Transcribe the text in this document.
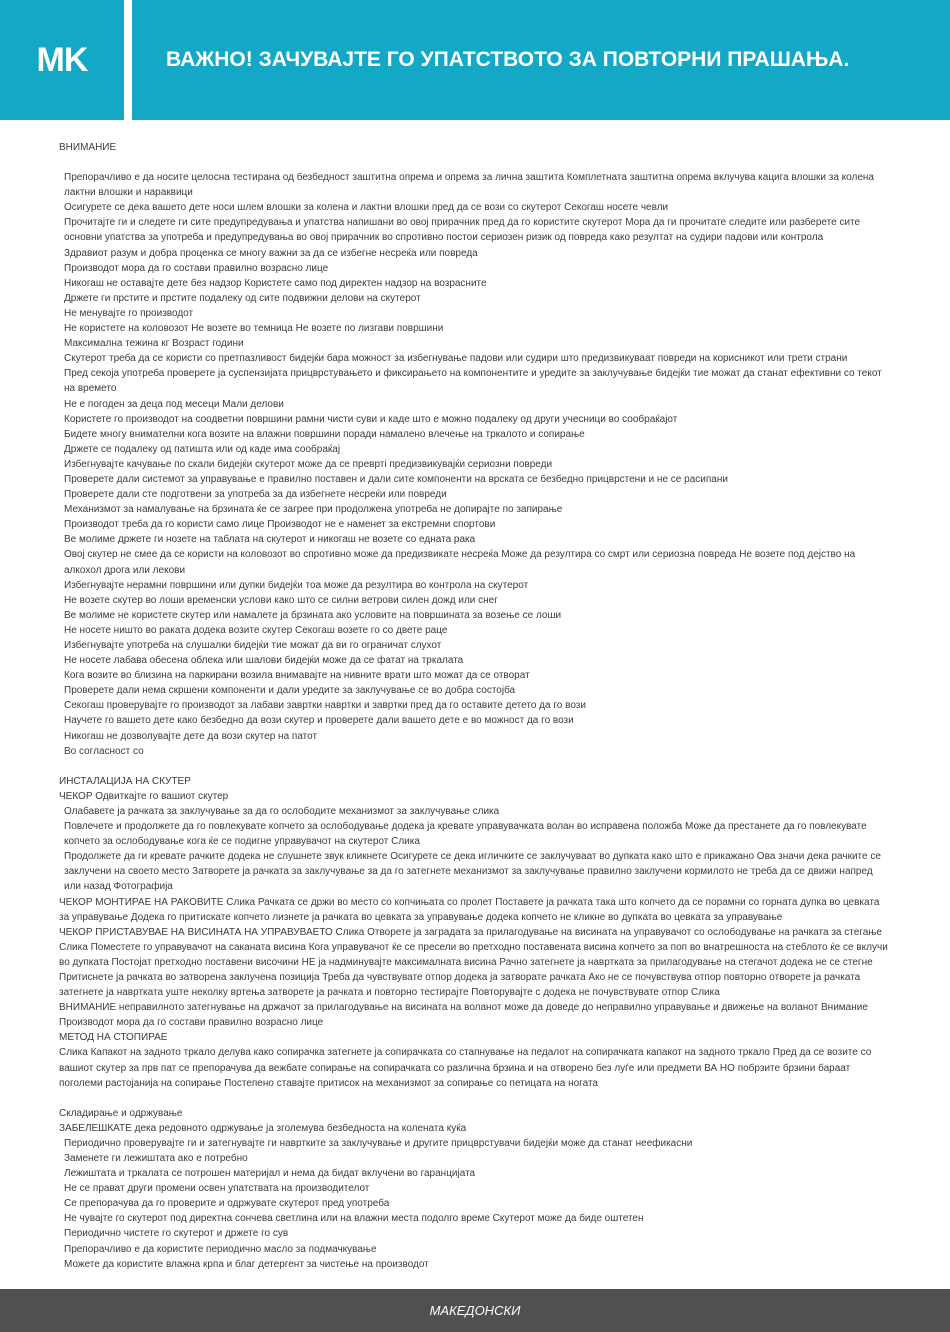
MK	ВАЖНО! ЗАЧУВАЈТЕ ГО УПАТСТВОТО ЗА ПОВТОРНИ ПРАШАЊА.
ВНИМАНИЕ
Препорачливо е да носите целосна тестирана од безбедност заштитна опрема и опрема за лична заштита Комплетната заштитна опрема вклучува кацига влошки за колена лактни влошки и нараквици
Осигурете се дека вашето дете носи шлем влошки за колена и лактни влошки пред да се вози со скутерот Секогаш носете чевли
Прочитајте ги и следете ги сите предупредувања и упатства напишани во овој прирачник пред да го користите скутерот Мора да ги прочитате следите или разберете сите основни упатства за употреба и предупредувања во овој прирачник во спротивно постои сериозен ризик од повреда како резултат на судири падови или контрола
Здравиот разум и добра проценка се многу важни за да се избегне несреќа или повреда
Производот мора да го состави правилно возрасно лице
Никогаш не оставајте дете без надзор Користете само под директен надзор на возрасните
Држете ги прстите и прстите подалеку од сите подвижни делови на скутерот
Не менувајте го производот
Не користете на коловозот Не возете во темница Не возете по лизгави површини
Максимална тежина кг Возраст години
Скутерот треба да се користи со претпазливост бидејќи бара можност за избегнување падови или судири што предизвикуваат повреди на корисникот или трети страни
Пред секоја употреба проверете ја суспензијата прицврстувањето и фиксирањето на компонентите и уредите за заклучување бидејќи тие можат да станат ефективни со текот на времето
Не е погоден за деца под месеци Мали делови
Користете го производот на соодветни површини рамни чисти суви и каде што е можно подалеку од други учесници во сообраќајот
Бидете многу внимателни кога возите на влажни површини поради намалено влечење на тркалото и сопирање
Држете се подалеку од патишта или од каде има сообраќај
Избегнувајте качување по скали бидејќи скутерот може да се превртi предизвикувајќи сериозни повреди
Проверете дали системот за управување е правилно поставен и дали сите компоненти на врската се безбедно прицврстени и не се расипани
Проверете дали сте подготвени за употреба за да избегнете несреќи или повреди
Механизмот за намалување на брзината ќе се загрее при продолжена употреба не допирајте по запирање
Производот треба да го користи само лице Производот не е наменет за екстремни спортови
Ве молиме држете ги нозете на таблата на скутерот и никогаш не возете со едната рака
Овој скутер не смее да се користи на коловозот во спротивно може да предизвикате несреќа Може да резултира со смрт или сериозна повреда Не возете под дејство на алкохол дрога или лекови
Избегнувајте нерамни површини или дупки бидејќи тоа може да резултира во контрола на скутерот
Не возете скутер во лоши временски услови како што се силни ветрови силен дожд или снег
Ве молиме не користете скутер или намалете ја брзината ако условите на површината за возење се лоши
Не носете ништо во раката додека возите скутер Секогаш возете го со двете раце
Избегнувајте употреба на слушалки бидејќи тие можат да ви го ограничат слухот
Не носете лабава обесена облека или шалови бидејќи може да се фатат на тркалата
Кога возите во близина на паркирани возила внимавајте на нивните врати што можат да се отворат
Проверете дали нема скршени компоненти и дали уредите за заклучување се во добра состојба
Секогаш проверувајте го производот за лабави завртки навртки и завртки пред да го оставите детето да го вози
Научете го вашето дете како безбедно да вози скутер и проверете дали вашето дете е во можност да го вози
Никогаш не дозволувајте дете да вози скутер на патот
Во согласност со
ИНСТАЛАЦИЈА НА СКУТЕР
ЧЕКОР Одвиткајте го вашиот скутер
Олабавете ја рачката за заклучување за да го ослободите механизмот за заклучување слика
Повлечете и продолжете да го повлекувате копчето за ослободување додека ја кревате управувачката волан во исправена положба Може да престанете да го повлекувате копчето за ослободување кога ќе се подигне управувачот на скутерот Слика
Продолжете да ги кревате рачките додека не слушнете звук кликнете Осигурете се дека игличките се заклучуваат во дупката како што е прикажано Ова значи дека рачките се заклучени на своето место Затворете ја рачката за заклучување за да го затегнете механизмот за заклучување правилно заклучени кормилото не треба да се движи напред или назад Фотографија
ЧЕКОР МОНТИРАЕ НА РАКОВИТЕ Слика Рачката се држи во место со копчињата со пролет Поставете ја рачката така што копчето да се порамни со горната дупка во цевката за управување Додека го притискате копчето лизнете ја рачката во цевката за управување додека копчето не кликне во дупката во цевката за управување
ЧЕКОР ПРИСТАВУВАЕ НА ВИСИНАТА НА УПРАВУВАЕТО Слика Отворете ја заградата за прилагодување на висината на управувачот со ослободување на рачката за стегање Слика Поместете го управувачот на саканата висина Кога управувачот ќе се пресели во претходно поставената висина копчето за поп во внатрешноста на стеблото ќе се вклучи во дупката Постојат претходно поставени височини НЕ ја надминувајте максималната висина Рачно затегнете ја навртката за прилагодување на стегачот додека не се стегне Притиснете ја рачката во затворена заклучена позиција Треба да чувствувате отпор додека ја затворате рачката Ако не се почувствува отпор повторно отворете ја рачката затегнете ја навртката уште неколку вртења затворете ја рачката и повторно тестирајте Повторувајте с додека не почувствувате отпор Слика
ВНИМАНИЕ неправилното затегнување на држачот за прилагодување на висината на воланот може да доведе до неправилно управување и движење на воланот Внимание Производот мора да го состави правилно возрасно лице
МЕТОД НА СТОПИРАЕ
Слика Капакот на задното тркало делува како сопирачка затегнете ја сопирачката со стапнување на педалот на сопирачката капакот на задното тркало Пред да се возите со вашиот скутер за прв пат се препорачува да вежбате сопирање на сопирачката со различна брзина и на отворено без луѓе или предмети ВА НО побрзите брзини бараат поголеми растојанија на сопирање Постепено ставајте притисок на механизмот за сопирање со петицата на ногата
Складирање и одржување
ЗАБЕЛЕШКАТЕ дека редовното одржување ја зголемува безбедноста на колената куќа
Периодично проверувајте ги и затегнувајте ги навртките за заклучување и другите прицврстувачи бидејќи може да станат неефикасни
Заменете ги лежиштата ако е потребно
Лежиштата и тркалата се потрошен материјал и нема да бидат вклучени во гаранцијата
Не се прават други промени освен упатствата на производителот
Се препорачува да го проверите и одржувате скутерот пред употреба
Не чувајте го скутерот под директна сончева светлина или на влажни места подолго време Скутерот може да биде оштетен
Периодично чистете го скутерот и држете го сув
Препорачливо е да користите периодично масло за подмачкување
Можете да користите влажна крпа и благ детергент за чистење на производот
МАКЕДОНСКИ
